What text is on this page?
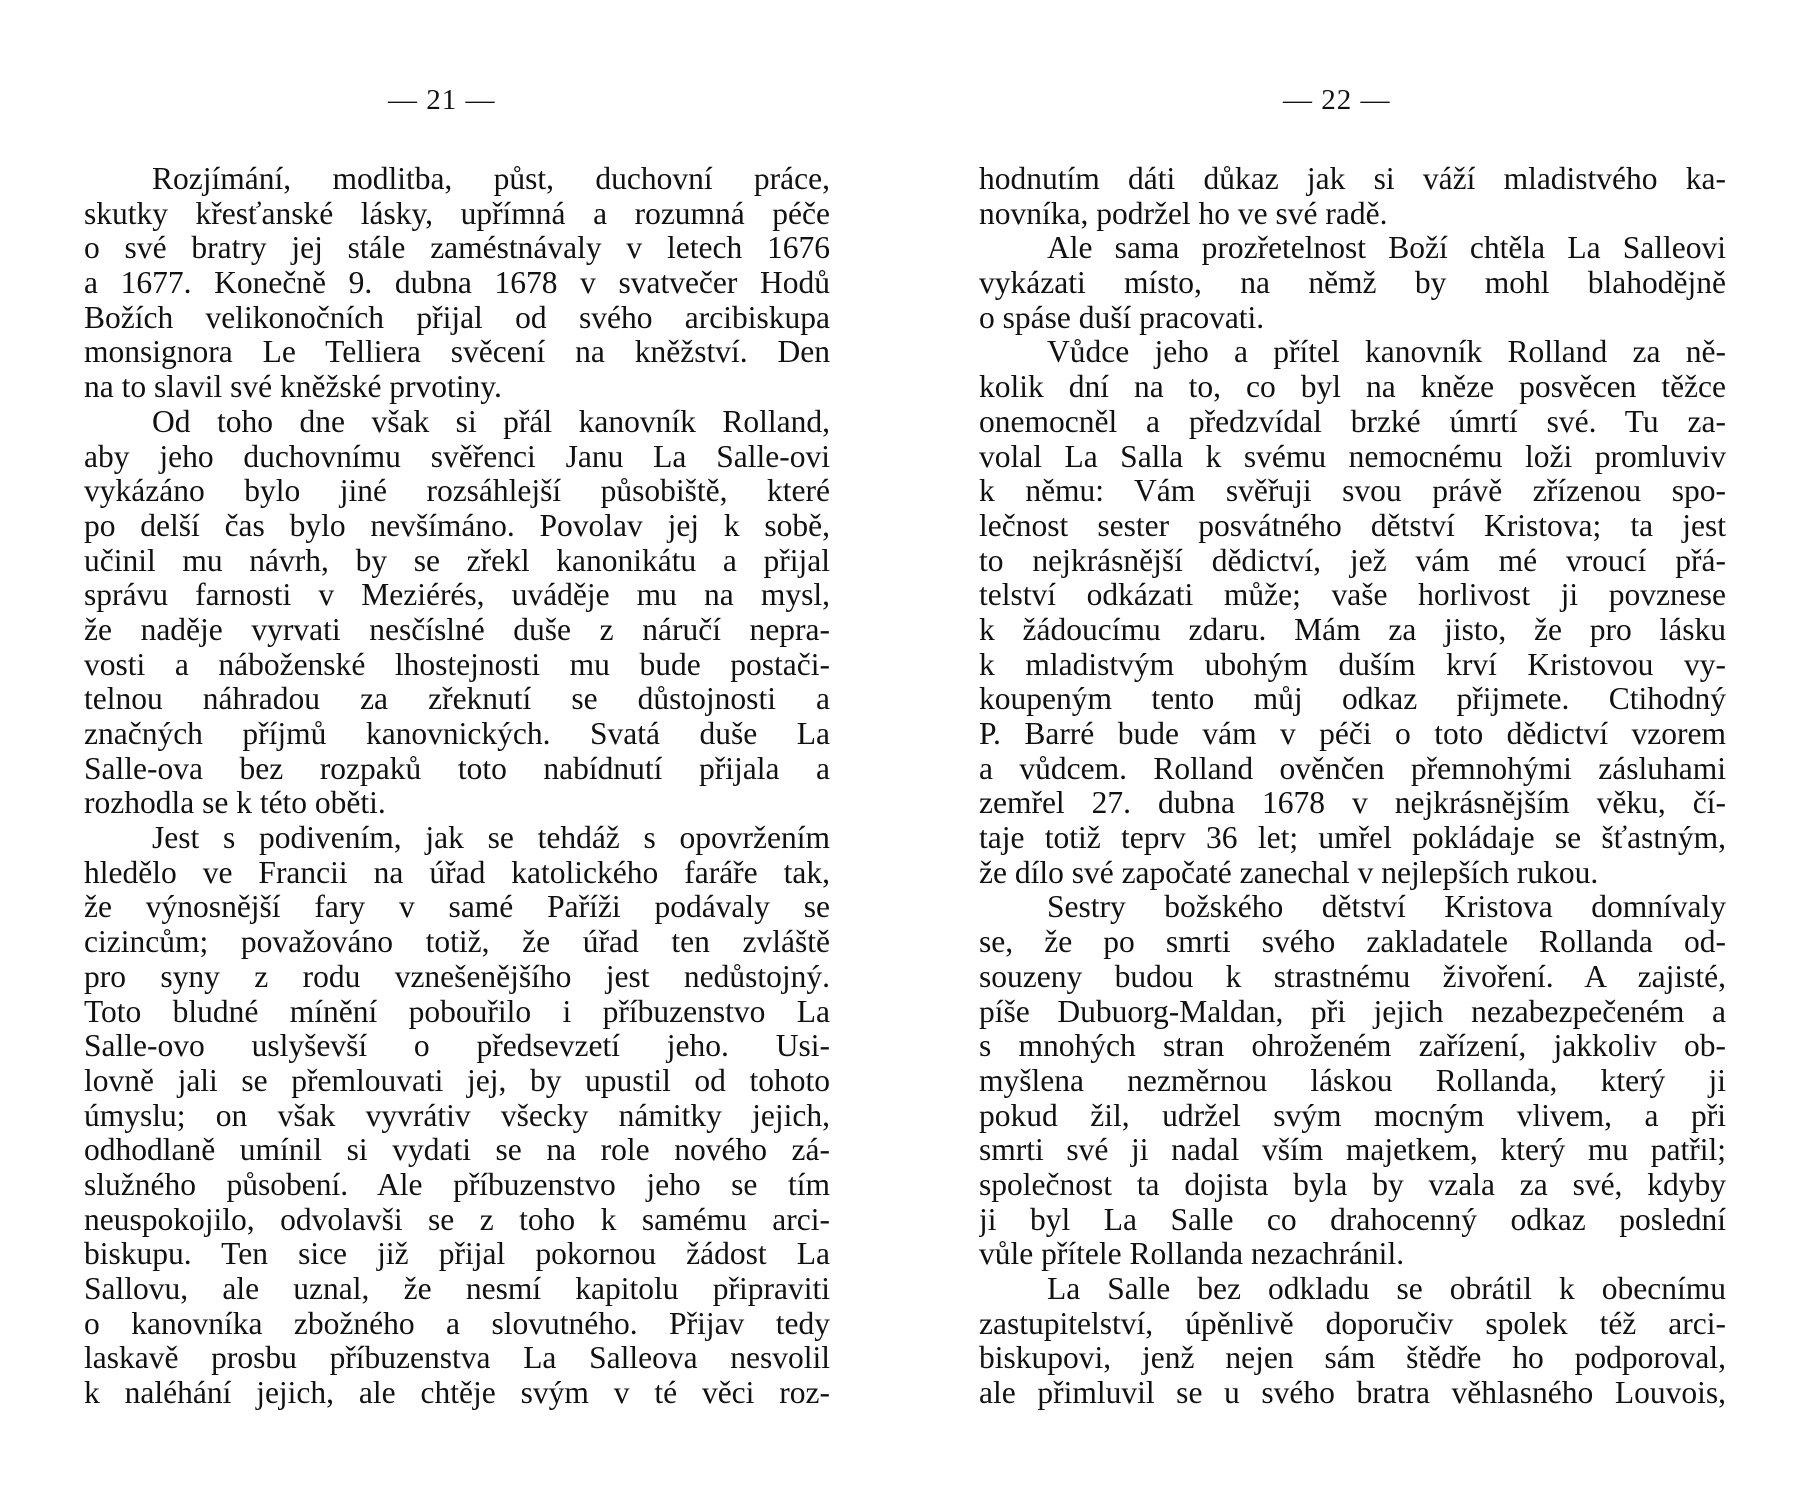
— 21 —
Rozjímání, modlitba, půst, duchovní práce,
skutky křesťanské lásky, upřímná a rozumná péče
o své bratry jej stále zaméstnávaly v letech 1676
a 1677. Konečně 9. dubna 1678 v svatvečer Hodů
Božích velikonočních přijal od svého arcibiskupa
monsignora Le Telliera svěcení na kněžství. Den
na to slavil své kněžské prvotiny.
Od toho dne však si přál kanovník Rolland,
aby jeho duchovnímu svěřenci Janu La Salle-ovi
vykázáno bylo jiné rozsáhlejší působiště, které
po delší čas bylo nevšímáno. Povolav jej k sobě,
učinil mu návrh, by se zřekl kanonikátu a přijal
správu farnosti v Meziérés, uváděje mu na mysl,
že naděje vyrvati nesčíslné duše z náručí nepra-
vosti a náboženské lhostejnosti mu bude postači-
telnou náhradou za zřeknutí se důstojnosti a
značných příjmů kanovnických. Svatá duše La
Salle-ova bez rozpaků toto nabídnutí přijala a
rozhodla se k této oběti.
Jest s podivením, jak se tehdáž s opovržením
hledělo ve Francii na úřad katolického faráře tak,
že výnosnější fary v samé Paříži podávaly se
cizincům; považováno totiž, že úřad ten zvláště
pro syny z rodu vznešenějšího jest nedůstojný.
Toto bludné mínění pobouřilo i příbuzenstvo La
Salle-ovo uslyševší o předsevzetí jeho. Usi-
lovně jali se přemlouvati jej, by upustil od tohoto
úmyslu; on však vyvrátiv všecky námitky jejich,
odhodlaně umínil si vydati se na role nového zá-
služného působení. Ale příbuzenstvo jeho se tím
neuspokojilo, odvolavši se z toho k samému arci-
biskupu. Ten sice již přijal pokornou žádost La
Sallovu, ale uznal, že nesmí kapitolu připraviti
o kanovníka zbožného a slovutného. Přijav tedy
laskavě prosbu příbuzenstva La Salleova nesvolil
k naléhání jejich, ale chtěje svým v té věci roz-
— 22 —
hodnutím dáti důkaz jak si váží mladistvého ka-
novníka, podržel ho ve své radě.
Ale sama prozřetelnost Boží chtěla La Salleovi
vykázati místo, na němž by mohl blahodějně
o spáse duší pracovati.
Vůdce jeho a přítel kanovník Rolland za ně-
kolik dní na to, co byl na kněze posvěcen těžce
onemocněl a předzvídal brzké úmrtí své. Tu za-
volal La Salla k svému nemocnému loži promluviv
k němu: Vám svěřuji svou právě zřízenou spo-
lečnost sester posvátného dětství Kristova; ta jest
to nejkrásnější dědictví, jež vám mé vroucí přá-
telství odkázati může; vaše horlivost ji povznese
k žádoucímu zdaru. Mám za jisto, že pro lásku
k mladistvým ubohým duším krví Kristovou vy-
koupeným tento můj odkaz přijmete. Ctihodný
P. Barré bude vám v péči o toto dědictví vzorem
a vůdcem. Rolland ověnčen přemnohými zásluhami
zemřel 27. dubna 1678 v nejkrásnějším věku, čí-
taje totiž teprv 36 let; umřel pokládaje se šťastným,
že dílo své započaté zanechal v nejlepších rukou.
Sestry božského dětství Kristova domnívaly
se, že po smrti svého zakladatele Rollanda od-
souzeny budou k strastnému živoření. A zajisté,
píše Dubuorg-Maldan, při jejich nezabezpečeném a
s mnohých stran ohroženém zařízení, jakkoliv ob-
myšlena nezměrnou láskou Rollanda, který ji
pokud žil, udržel svým mocným vlivem, a při
smrti své ji nadal vším majetkem, který mu patřil;
společnost ta dojista byla by vzala za své, kdyby
ji byl La Salle co drahocenný odkaz poslední
vůle přítele Rollanda nezachránil.
La Salle bez odkladu se obrátil k obecnímu
zastupitelství, úpěnlivě doporučiv spolek též arci-
biskupovi, jenž nejen sám štědře ho podporoval,
ale přimluvil se u svého bratra věhlasného Louvois,
